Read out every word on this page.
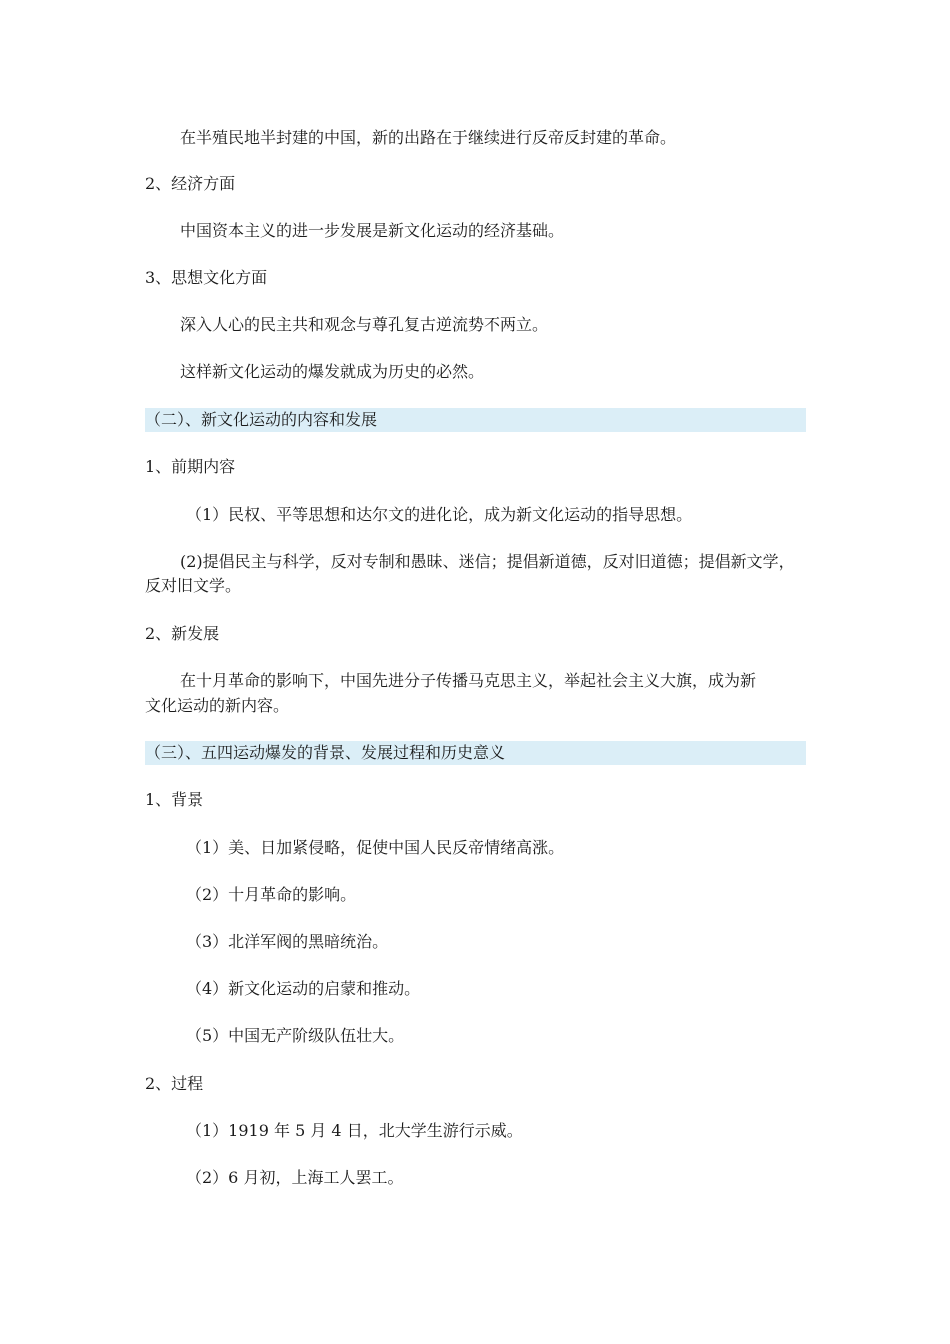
在半殖民地半封建的中国，新的出路在于继续进行反帝反封建的革命。
2、经济方面
中国资本主义的进一步发展是新文化运动的经济基础。
3、思想文化方面
深入人心的民主共和观念与尊孔复古逆流势不两立。
这样新文化运动的爆发就成为历史的必然。
（二）、新文化运动的内容和发展
1、前期内容
（1）民权、平等思想和达尔文的进化论，成为新文化运动的指导思想。
(2)提倡民主与科学，反对专制和愚昧、迷信；提倡新道德，反对旧道德；提倡新文学，
反对旧文学。
2、新发展
在十月革命的影响下，中国先进分子传播马克思主义，举起社会主义大旗，成为新
文化运动的新内容。
（三）、五四运动爆发的背景、发展过程和历史意义
1、背景
（1）美、日加紧侵略，促使中国人民反帝情绪高涨。
（2）十月革命的影响。
（3）北洋军阀的黑暗统治。
（4）新文化运动的启蒙和推动。
（5）中国无产阶级队伍壮大。
2、过程
（1）1919 年 5 月 4 日，北大学生游行示威。
（2）6 月初，上海工人罢工。
